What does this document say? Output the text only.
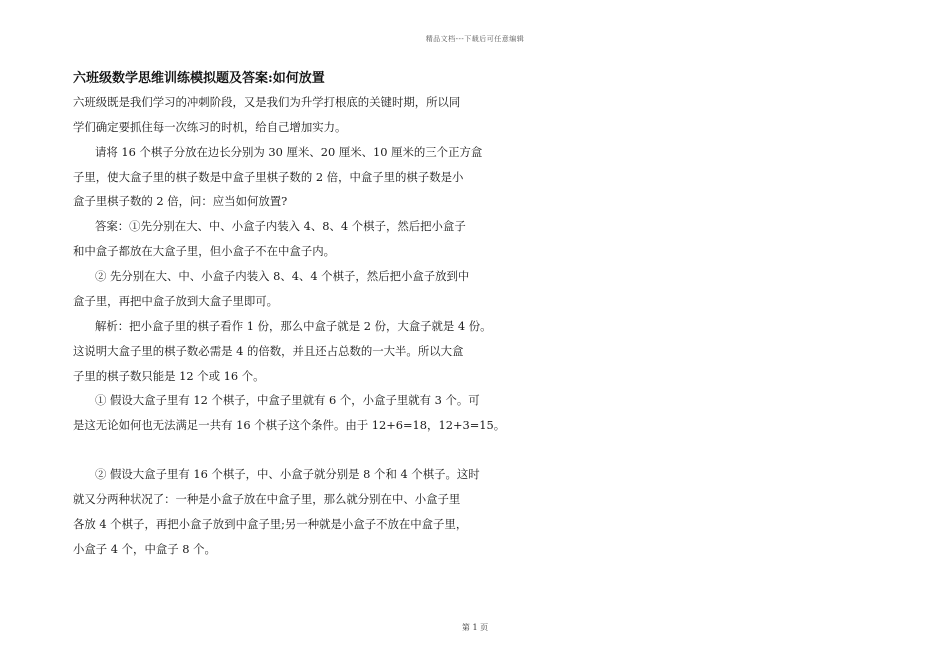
精品文档---下载后可任意编辑
六班级数学思维训练模拟题及答案:如何放置
六班级既是我们学习的冲刺阶段，又是我们为升学打根底的关键时期，所以同
学们确定要抓住每一次练习的时机，给自己增加实力。
请将 16 个棋子分放在边长分别为 30 厘米、20 厘米、10 厘米的三个正方盒
子里，使大盒子里的棋子数是中盒子里棋子数的 2 倍，中盒子里的棋子数是小
盒子里棋子数的 2 倍，问：应当如何放置?
答案：①先分别在大、中、小盒子内装入 4、8、4 个棋子，然后把小盒子
和中盒子都放在大盒子里，但小盒子不在中盒子内。
② 先分别在大、中、小盒子内装入 8、4、4 个棋子，然后把小盒子放到中
盒子里，再把中盒子放到大盒子里即可。
解析：把小盒子里的棋子看作 1 份，那么中盒子就是 2 份，大盒子就是 4 份。
这说明大盒子里的棋子数必需是 4 的倍数，并且还占总数的一大半。所以大盒
子里的棋子数只能是 12 个或 16 个。
① 假设大盒子里有 12 个棋子，中盒子里就有 6 个，小盒子里就有 3 个。可
是这无论如何也无法满足一共有 16 个棋子这个条件。由于 12+6=18，12+3=15。
② 假设大盒子里有 16 个棋子，中、小盒子就分别是 8 个和 4 个棋子。这时
就又分两种状况了：一种是小盒子放在中盒子里，那么就分别在中、小盒子里
各放 4 个棋子，再把小盒子放到中盒子里;另一种就是小盒子不放在中盒子里，
小盒子 4 个，中盒子 8 个。
第 1 页
